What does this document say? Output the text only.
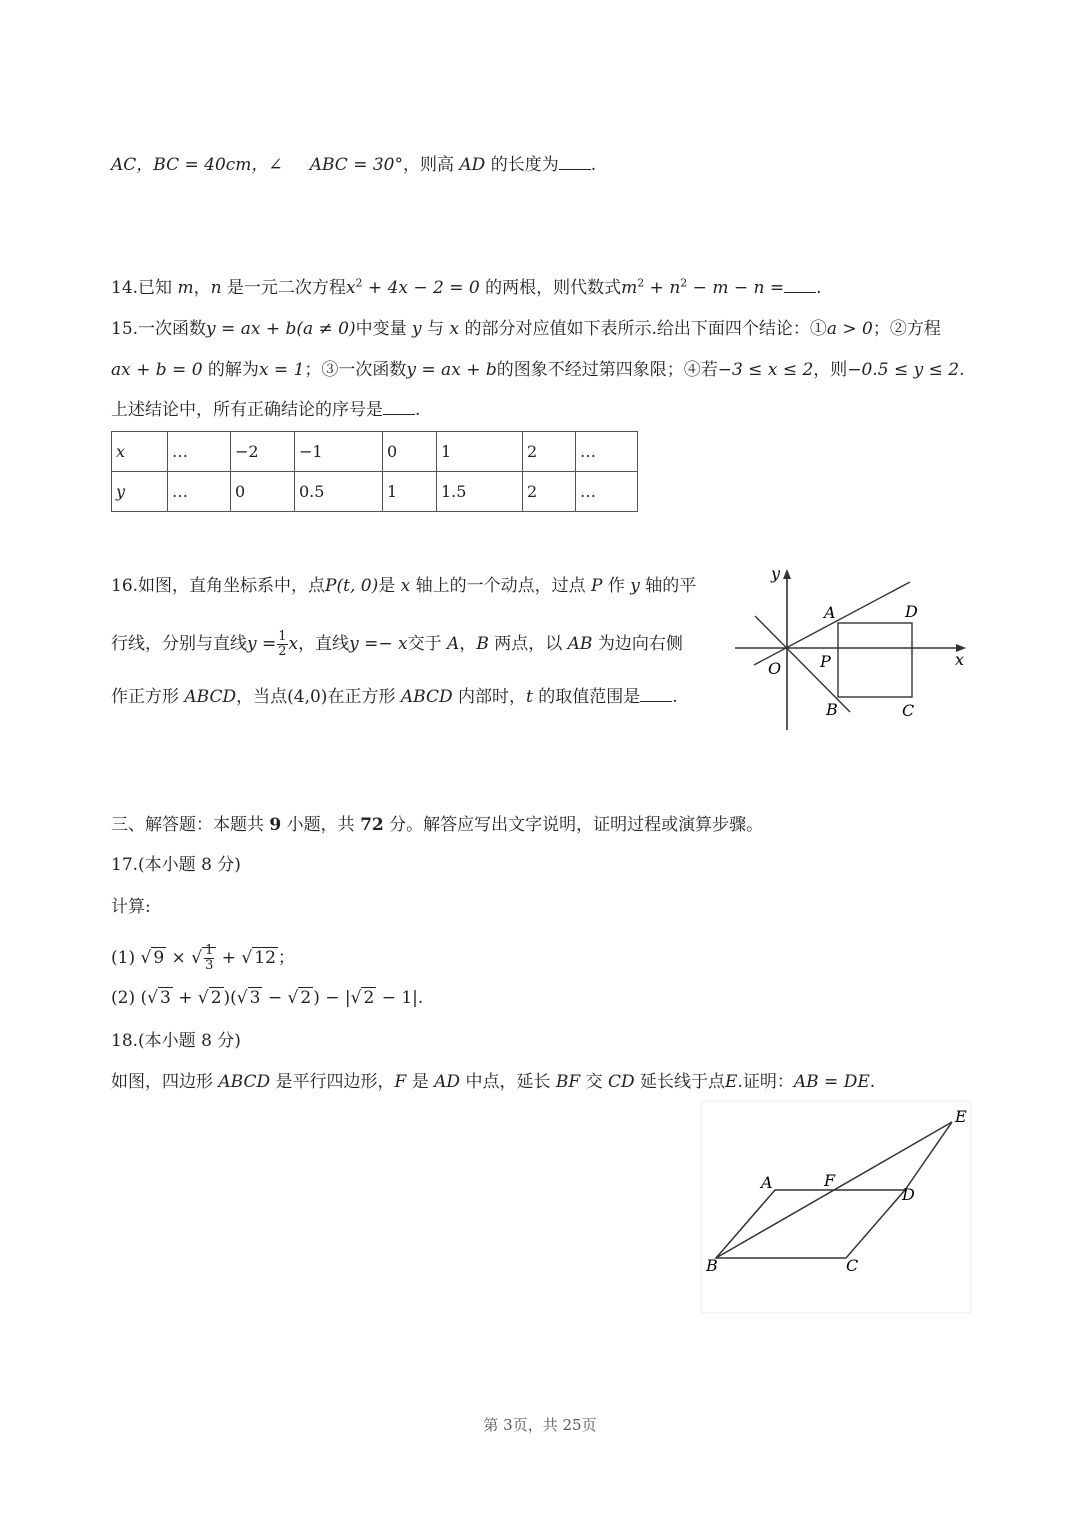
AC，BC = 40cm，∠ ABC = 30°，则高 AD 的长度为 .
14.已知 m，n 是一元二次方程$x^2 + 4x - 2 = 0$ 的两根，则代数式$m^2 + n^2 - m - n$ = .
15.一次函数y = ax + b(a ≠ 0)中变量 y 与 x 的部分对应值如下表所示.给出下面四个结论：①a > 0；②方程
ax + b = 0 的解为x = 1；③一次函数y = ax + b的图象不经过第四象限；④若−3 ≤ x ≤ 2，则−0.5 ≤ y ≤ 2.
上述结论中，所有正确结论的序号是 .
x	…	−2	−1	0	1	2	…
y	…	0	0.5	1	1.5	2	…
16.如图，直角坐标系中，点P(t, 0)是 x 轴上的一个动点，过点 P 作 y 轴的平
行线，分别与直线$y = \frac{1}{2}$ x，直线y =− x交于 A，B 两点，以 AB 为边向右侧
作正方形 ABCD，当点(4,0)在正方形 ABCD 内部时，t 的取值范围是 .
y
x
O P
A	D
B	C
三、解答题：本题共 9 小题，共 72 分。解答应写出文字说明，证明过程或演算步骤。
17.(本小题 8 分)
计算:
(1) √ 9 × √ $\frac{1}{3}$ + √ 12 ；
(2) (√ 3 + √ 2 )(√ 3 − √ 2 ) − |√ 2 − 1|.
18.(本小题 8 分)
如图，四边形 ABCD 是平行四边形，F 是 AD 中点，延长 BF 交 CD 延长线于点E.证明：AB = DE.
A	F
D
E
B	C
第 3页，共 25页
